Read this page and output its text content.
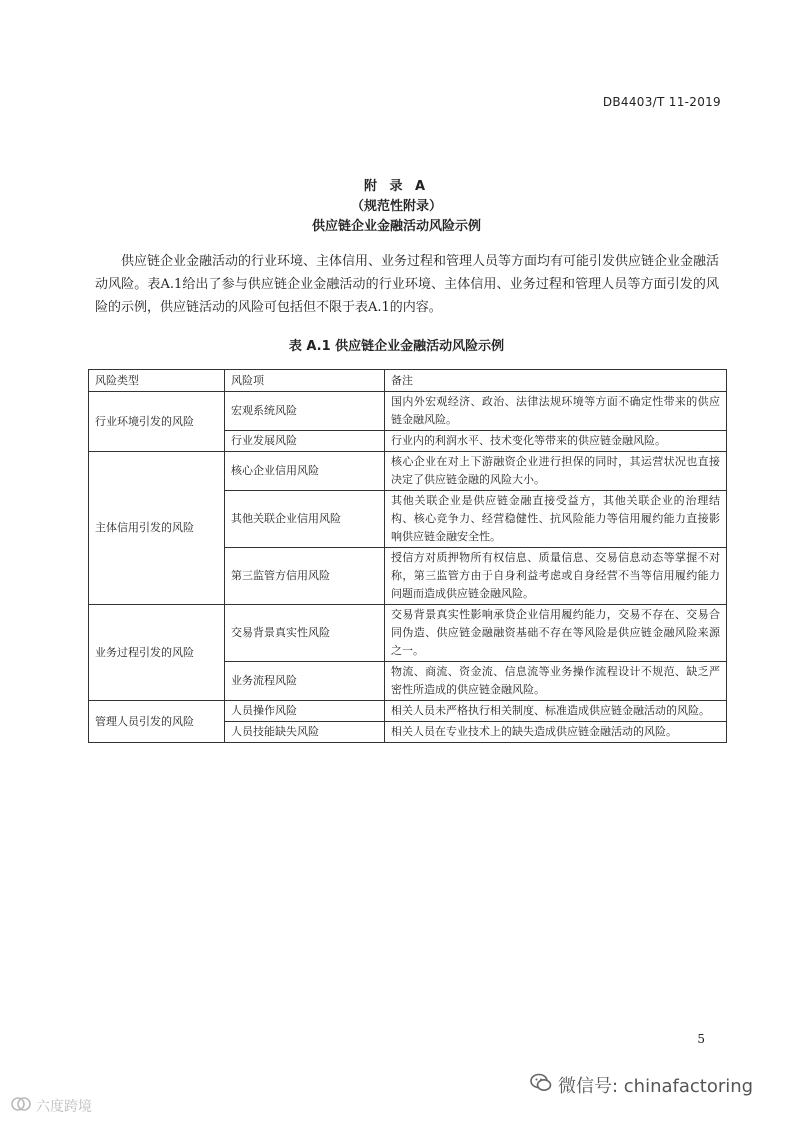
DB4403/T 11-2019
附 录 A
（规范性附录）
供应链企业金融活动风险示例

供应链企业金融活动的行业环境、主体信用、业务过程和管理人员等方面均有可能引发供应链企业金融活动风险。表A.1给出了参与供应链企业金融活动的行业环境、主体信用、业务过程和管理人员等方面引发的风险的示例，供应链活动的风险可包括但不限于表A.1的内容。

表 A.1 供应链企业金融活动风险示例
风险类型	风险项	备注
行业环境引发的风险	宏观系统风险	国内外宏观经济、政治、法律法规环境等方面不确定性带来的供应链金融风险。
	行业发展风险	行业内的利润水平、技术变化等带来的供应链金融风险。
主体信用引发的风险	核心企业信用风险	核心企业在对上下游融资企业进行担保的同时，其运营状况也直接决定了供应链金融的风险大小。
	其他关联企业信用风险	其他关联企业是供应链金融直接受益方，其他关联企业的治理结构、核心竞争力、经营稳健性、抗风险能力等信用履约能力直接影响供应链金融安全性。
	第三监管方信用风险	授信方对质押物所有权信息、质量信息、交易信息动态等掌握不对称，第三监管方由于自身利益考虑或自身经营不当等信用履约能力问题而造成供应链金融风险。
业务过程引发的风险	交易背景真实性风险	交易背景真实性影响承贷企业信用履约能力，交易不存在、交易合同伪造、供应链金融融资基础不存在等风险是供应链金融风险来源之一。
	业务流程风险	物流、商流、资金流、信息流等业务操作流程设计不规范、缺乏严密性所造成的供应链金融风险。
管理人员引发的风险	人员操作风险	相关人员未严格执行相关制度、标准造成供应链金融活动的风险。
	人员技能缺失风险	相关人员在专业技术上的缺失造成供应链金融活动的风险。
5
微信号: chinafactoring
六度跨境
